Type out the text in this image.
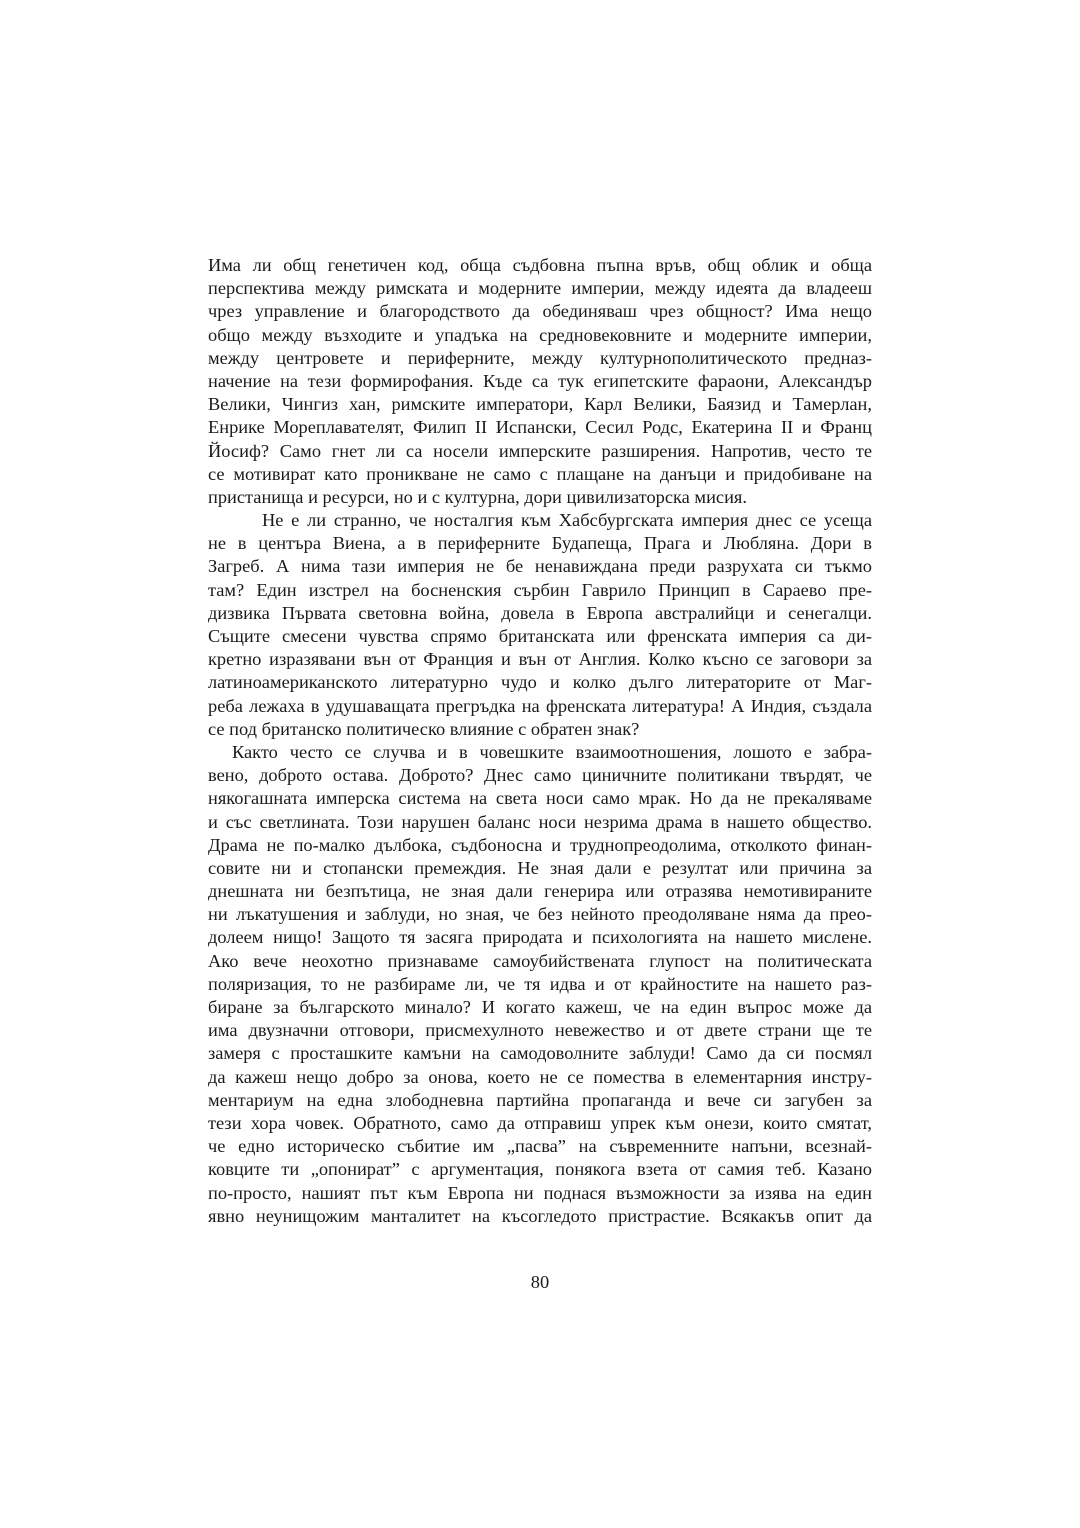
Има ли общ генетичен код, обща съдбовна пъпна връв, общ облик и обща
перспектива между римската и модерните империи, между идеята да владееш
чрез управление и благородството да обединяваш чрез общност? Има нещо
общо между възходите и упадъка на средновековните и модерните империи,
между центровете и периферните, между културнополитическото предназ-
начение на тези формирофания. Къде са тук египетските фараони, Александър
Велики, Чингиз хан, римските императори, Карл Велики, Баязид и Тамерлан,
Енрике Мореплавателят, Филип II Испански, Сесил Родс, Екатерина II и Франц
Йосиф? Само гнет ли са носели имперските разширения. Напротив, често те
се мотивират като проникване не само с плащане на данъци и придобиване на
пристанища и ресурси, но и с културна, дори цивилизаторска мисия.
Не е ли странно, че носталгия към Хабсбургската империя днес се усеща
не в центъра Виена, а в периферните Будапеща, Прага и Любляна. Дори в
Загреб. А нима тази империя не бе ненавиждана преди разрухата си тъкмо
там? Един изстрел на босненския сърбин Гаврило Принцип в Сараево пре-
дизвика Първата световна война, довела в Европа австралийци и сенегалци.
Същите смесени чувства спрямо британската или френската империя са ди-
кретно изразявани вън от Франция и вън от Англия. Колко късно се заговори за
латиноамериканското литературно чудо и колко дълго литераторите от Маг-
реба лежаха в удушаващата прегръдка на френската литература! А Индия, създала
се под британско политическо влияние с обратен знак?
Както често се случва и в човешките взаимоотношения, лошото е забра-
вено, доброто остава. Доброто? Днес само циничните политикани твърдят, че
някогашната имперска система на света носи само мрак. Но да не прекаляваме
и със светлината. Този нарушен баланс носи незрима драма в нашето общество.
Драма не по-малко дълбока, съдбоносна и труднопреодолима, отколкото финан-
совите ни и стопански премеждия. Не зная дали е резултат или причина за
днешната ни безпътица, не зная дали генерира или отразява немотивираните
ни лъкатушения и заблуди, но зная, че без нейното преодоляване няма да прео-
долеем нищо! Защото тя засяга природата и психологията на нашето мислене.
Ако вече неохотно признаваме самоубийствената глупост на политическата
поляризация, то не разбираме ли, че тя идва и от крайностите на нашето раз-
биране за българското минало? И когато кажеш, че на един въпрос може да
има двузначни отговори, присмехулното невежество и от двете страни ще те
замеря с просташките камъни на самодоволните заблуди! Само да си посмял
да кажеш нещо добро за онова, което не се помества в елементарния инстру-
ментариум на една злободневна партийна пропаганда и вече си загубен за
тези хора човек. Обратното, само да отправиш упрек към онези, които смятат,
че едно историческо събитие им „пасва” на съвременните напъни, всезнай-
ковците ти „опонират” с аргументация, понякога взета от самия теб. Казано
по-просто, нашият път към Европа ни поднася възможности за изява на един
явно неунищожим манталитет на късогледото пристрастие. Всякакъв опит да
80
